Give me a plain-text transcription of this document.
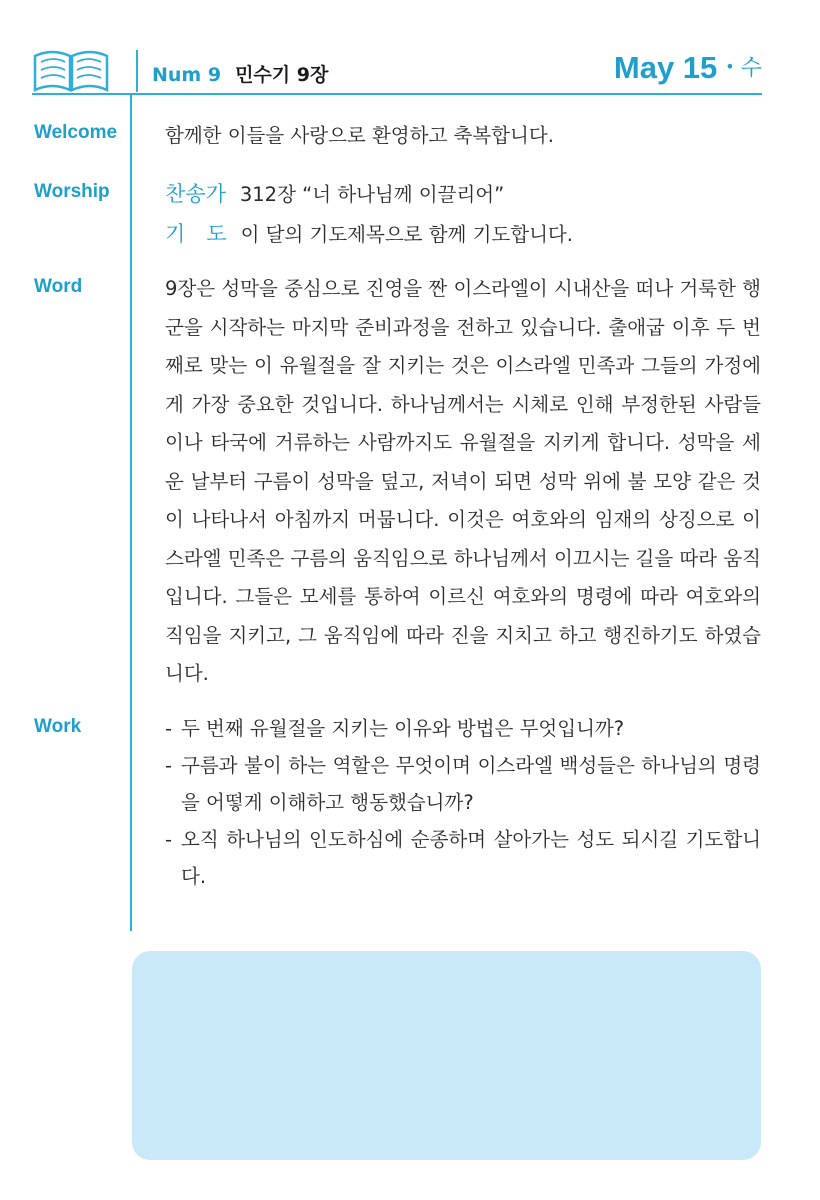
Num 9 민수기 9장	May 15 • 수
Welcome 함께한 이들을 사랑으로 환영하고 축복합니다.
Worship	찬송가 312장 “너 하나님께 이끌리어”
기　도 이 달의 기도제목으로 함께 기도합니다.
Word	9장은 성막을 중심으로 진영을 짠 이스라엘이 시내산을 떠나 거룩한 행군을 시작하는 마지막 준비과정을 전하고 있습니다. 출애굽 이후 두 번째로 맞는 이 유월절을 잘 지키는 것은 이스라엘 민족과 그들의 가정에게 가장 중요한 것입니다. 하나님께서는 시체로 인해 부정한된 사람들이나 타국에 거류하는 사람까지도 유월절을 지키게 합니다. 성막을 세운 날부터 구름이 성막을 덮고, 저녁이 되면 성막 위에 불 모양 같은 것이 나타나서 아침까지 머뭅니다. 이것은 여호와의 임재의 상징으로 이스라엘 민족은 구름의 움직임으로 하나님께서 이끄시는 길을 따라 움직입니다. 그들은 모세를 통하여 이르신 여호와의 명령에 따라 여호와의 직임을 지키고, 그 움직임에 따라 진을 지치고 하고 행진하기도 하였습니다.
Work	- 두 번째 유월절을 지키는 이유와 방법은 무엇입니까?
- 구름과 불이 하는 역할은 무엇이며 이스라엘 백성들은 하나님의 명령을 어떻게 이해하고 행동했습니까?
- 오직 하나님의 인도하심에 순종하며 살아가는 성도 되시길 기도합니다.
